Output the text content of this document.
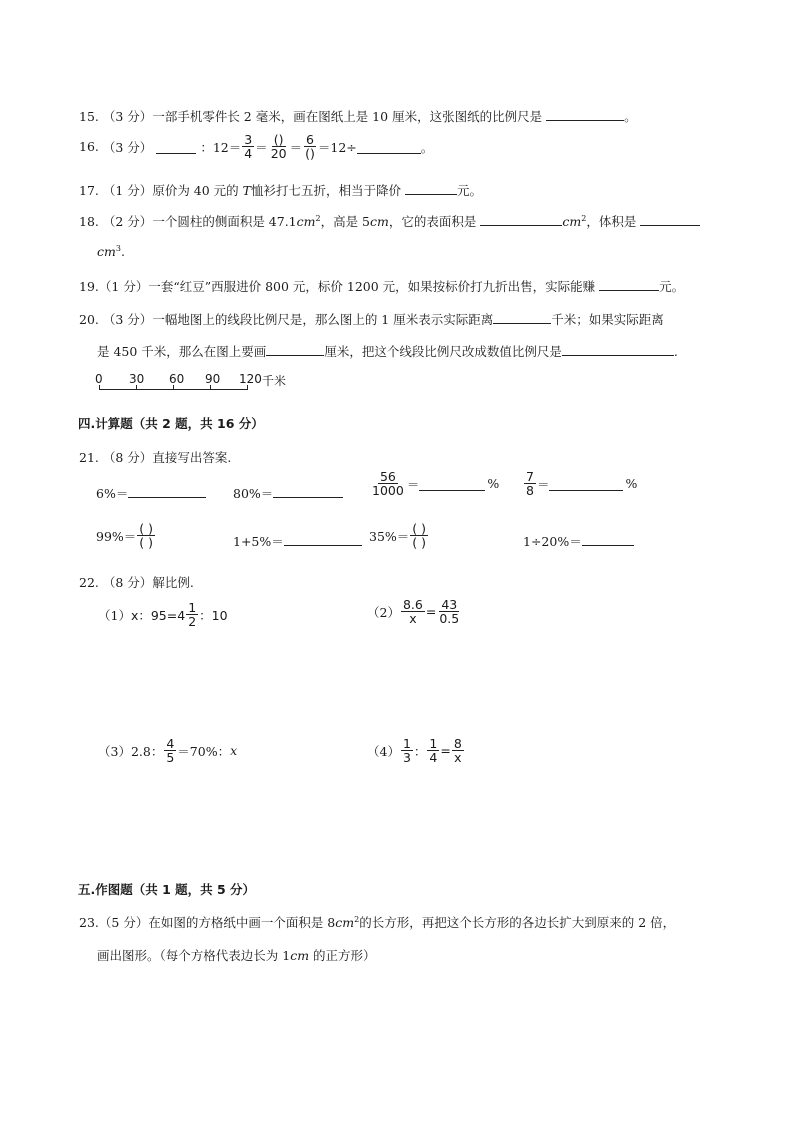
15. （3 分）一部手机零件长 2 毫米，画在图纸上是 10 厘米，这张图纸的比例尺是	。
16.
（3 分）	：$12= \frac{3}{4} = \frac{()}{20} = \frac{6}{()} =12\div$	。
17. （1 分）原价为 40 元的 T恤衫打七五折，相当于降价	元。
18. （2 分）一个圆柱的侧面积是 $47.1cm^2$，高是 5cm，它的表面积是	$cm^2$，体积是
$cm^3$.
19.（1 分）一套“红豆”西服进价 800 元，标价 1200 元，如果按标价打九折出售，实际能赚	元。
20. （3 分）一幅地图上的线段比例尺是，那么图上的 1 厘米表示实际距离	千米；如果实际距离
是 450 千米，那么在图上要画	厘米，把这个线段比例尺改成数值比例尺是	.
0 30 60 90 120 千米
四.计算题（共 2 题，共 16 分）
21. （8 分）直接写出答案.
6%＝	80%＝	$\frac{56}{1000}$ ＝	% $\frac{7}{8}$ ＝	%
$99\%= \frac{( )}{( )}$	1+5%＝	$35\%= \frac{( )}{( )}$	1÷20%＝
22. （8 分）解比例.
（1） x：$95=4 \frac{1}{2}$ ：10	$(2) \frac{8.6}{x} = \frac{43}{0.5}$
（3） 2.8： $\frac{4}{5} =70\%$： x	$(4) \frac{1}{3}$ ： $\frac{1}{4} = \frac{8}{x}$
五.作图题（共 1 题，共 5 分）
23.（5 分）在如图的方格纸中画一个面积是 $8cm^2$的长方形，再把这个长方形的各边长扩大到原来的 2 倍，
画出图形。（每个方格代表边长为 1cm 的正方形）
